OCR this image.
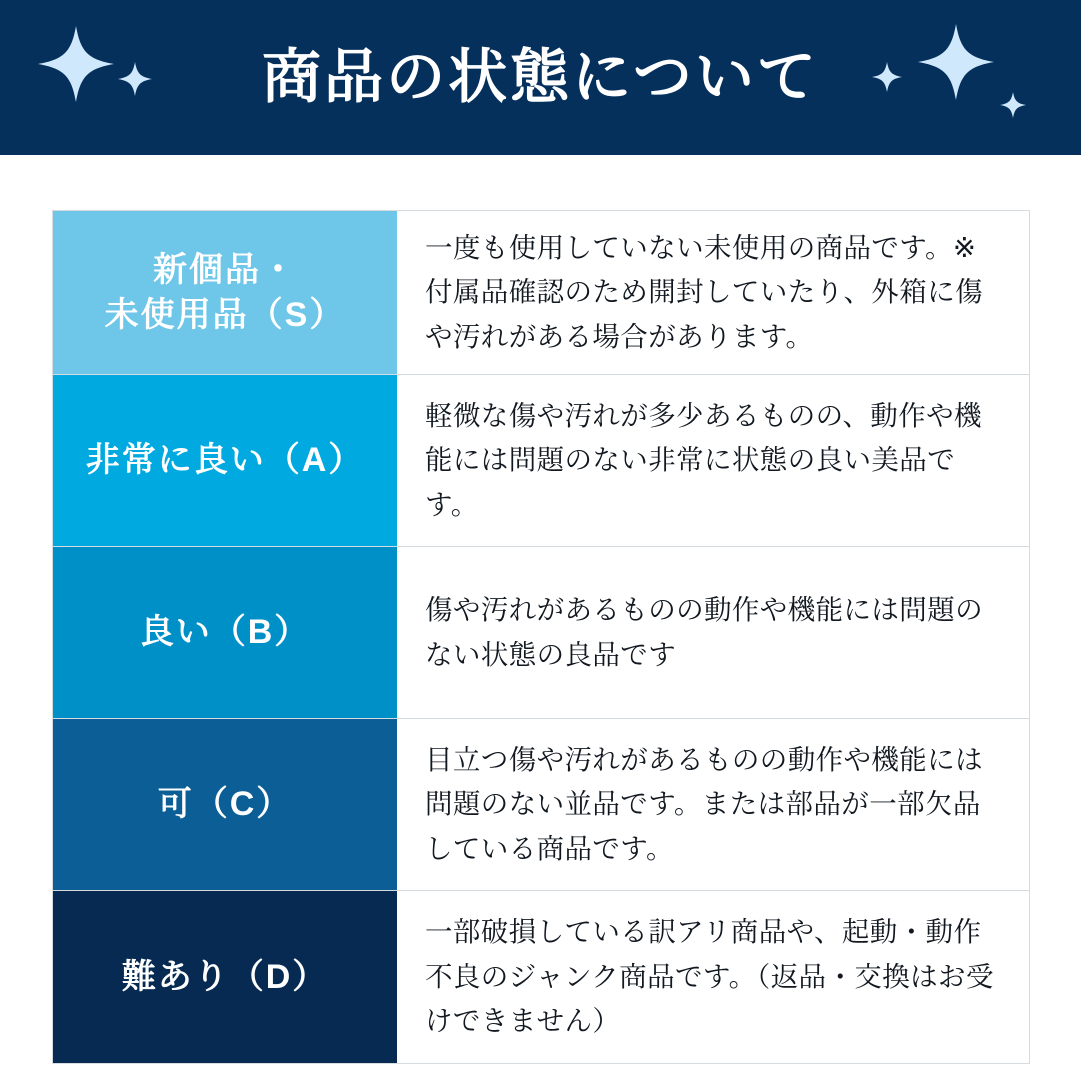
商品の状態について
新個品・
未使用品（S）
一度も使用していない未使用の商品です。※付属品確認のため開封していたり、外箱に傷や汚れがある場合があります。
非常に良い（A）
軽微な傷や汚れが多少あるものの、動作や機能には問題のない非常に状態の良い美品です。
良い（B）
傷や汚れがあるものの動作や機能には問題のない状態の良品です
可（C）
目立つ傷や汚れがあるものの動作や機能には問題のない並品です。または部品が一部欠品している商品です。
難あり（D）
一部破損している訳アリ商品や、起動・動作不良のジャンク商品です。（返品・交換はお受けできません）
